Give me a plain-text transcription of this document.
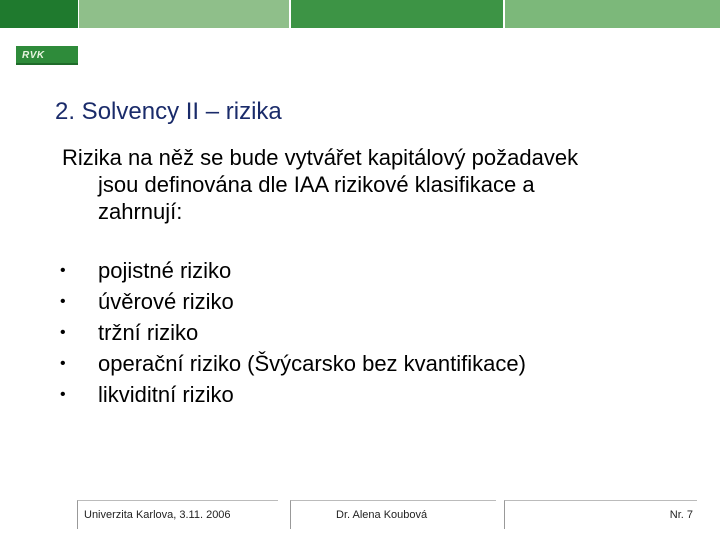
RVK
2. Solvency II – rizika
Rizika na něž se bude vytvářet kapitálový požadavek
jsou definována dle IAA rizikové klasifikace a
zahrnují:
• pojistné riziko
• úvěrové riziko
• tržní riziko
• operační riziko (Švýcarsko bez kvantifikace)
• likviditní riziko
Univerzita Karlova, 3.11. 2006	Dr. Alena Koubová	Nr. 7
